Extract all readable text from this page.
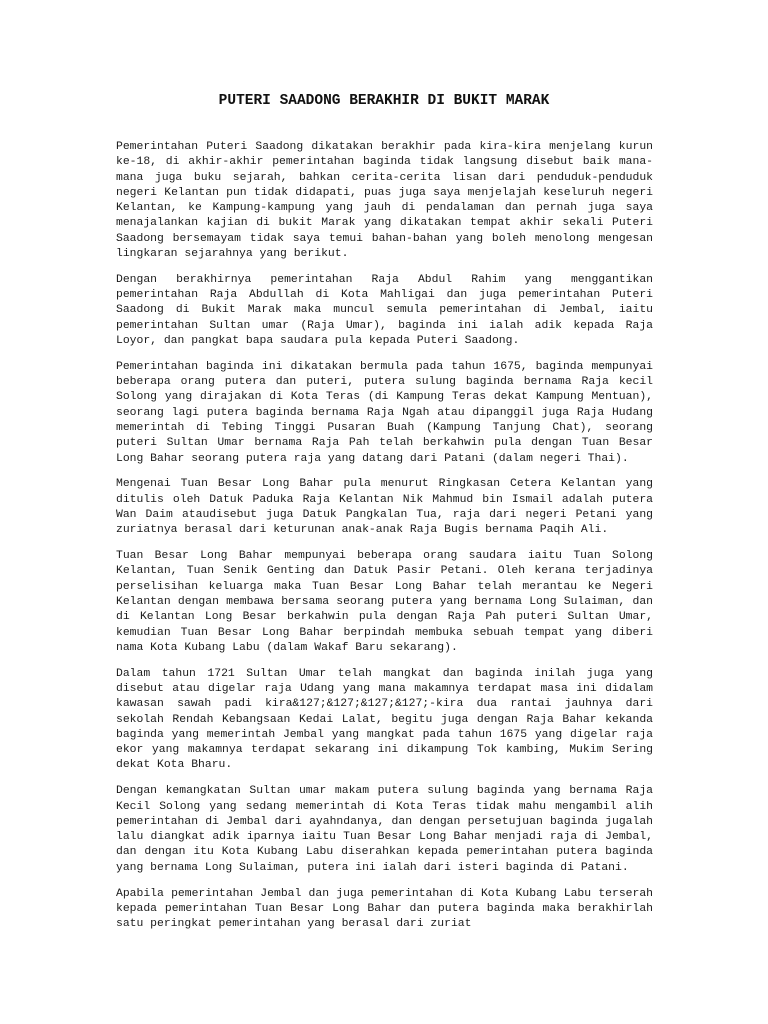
PUTERI SAADONG BERAKHIR DI BUKIT MARAK

Pemerintahan Puteri Saadong dikatakan berakhir pada kira-kira menjelang kurun ke-18, di akhir-akhir pemerintahan baginda tidak langsung disebut baik mana-mana juga buku sejarah, bahkan cerita-cerita lisan dari penduduk-penduduk negeri Kelantan pun tidak didapati, puas juga saya menjelajah keseluruh negeri Kelantan, ke Kampung-kampung yang jauh di pendalaman dan pernah juga saya menajalankan kajian di bukit Marak yang dikatakan tempat akhir sekali Puteri Saadong bersemayam tidak saya temui bahan-bahan yang boleh menolong mengesan lingkaran sejarahnya yang berikut.

Dengan berakhirnya pemerintahan Raja Abdul Rahim yang menggantikan pemerintahan Raja Abdullah di Kota Mahligai dan juga pemerintahan Puteri Saadong di Bukit Marak maka muncul semula pemerintahan di Jembal, iaitu pemerintahan Sultan umar (Raja Umar), baginda ini ialah adik kepada Raja Loyor, dan pangkat bapa saudara pula kepada Puteri Saadong.

Pemerintahan baginda ini dikatakan bermula pada tahun 1675, baginda mempunyai beberapa orang putera dan puteri, putera sulung baginda bernama Raja kecil Solong yang dirajakan di Kota Teras (di Kampung Teras dekat Kampung Mentuan), seorang lagi putera baginda bernama Raja Ngah atau dipanggil juga Raja Hudang memerintah di Tebing Tinggi Pusaran Buah (Kampung Tanjung Chat), seorang puteri Sultan Umar bernama Raja Pah telah berkahwin pula dengan Tuan Besar Long Bahar seorang putera raja yang datang dari Patani (dalam negeri Thai).

Mengenai Tuan Besar Long Bahar pula menurut Ringkasan Cetera Kelantan yang ditulis oleh Datuk Paduka Raja Kelantan Nik Mahmud bin Ismail adalah putera Wan Daim ataudisebut juga Datuk Pangkalan Tua, raja dari negeri Petani yang zuriatnya berasal dari keturunan anak-anak Raja Bugis bernama Paqih Ali.

Tuan Besar Long Bahar mempunyai beberapa orang saudara iaitu Tuan Solong Kelantan, Tuan Senik Genting dan Datuk Pasir Petani. Oleh kerana terjadinya perselisihan keluarga maka Tuan Besar Long Bahar telah merantau ke Negeri Kelantan dengan membawa bersama seorang putera yang bernama Long Sulaiman, dan di Kelantan Long Besar berkahwin pula dengan Raja Pah puteri Sultan Umar, kemudian Tuan Besar Long Bahar berpindah membuka sebuah tempat yang diberi nama Kota Kubang Labu (dalam Wakaf Baru sekarang).

Dalam tahun 1721 Sultan Umar telah mangkat dan baginda inilah juga yang disebut atau digelar raja Udang yang mana makamnya terdapat masa ini didalam kawasan sawah padi kira&127;&127;&127;&127;-kira dua rantai jauhnya dari sekolah Rendah Kebangsaan Kedai Lalat, begitu juga dengan Raja Bahar kekanda baginda yang memerintah Jembal yang mangkat pada tahun 1675 yang digelar raja ekor yang makamnya terdapat sekarang ini dikampung Tok kambing, Mukim Sering dekat Kota Bharu.

Dengan kemangkatan Sultan umar makam putera sulung baginda yang bernama Raja Kecil Solong yang sedang memerintah di Kota Teras tidak mahu mengambil alih pemerintahan di Jembal dari ayahndanya, dan dengan persetujuan baginda jugalah lalu diangkat adik iparnya iaitu Tuan Besar Long Bahar menjadi raja di Jembal, dan dengan itu Kota Kubang Labu diserahkan kepada pemerintahan putera baginda yang bernama Long Sulaiman, putera ini ialah dari isteri baginda di Patani.

Apabila pemerintahan Jembal dan juga pemerintahan di Kota Kubang Labu terserah kepada pemerintahan Tuan Besar Long Bahar dan putera baginda maka berakhirlah satu peringkat pemerintahan yang berasal dari zuriat
